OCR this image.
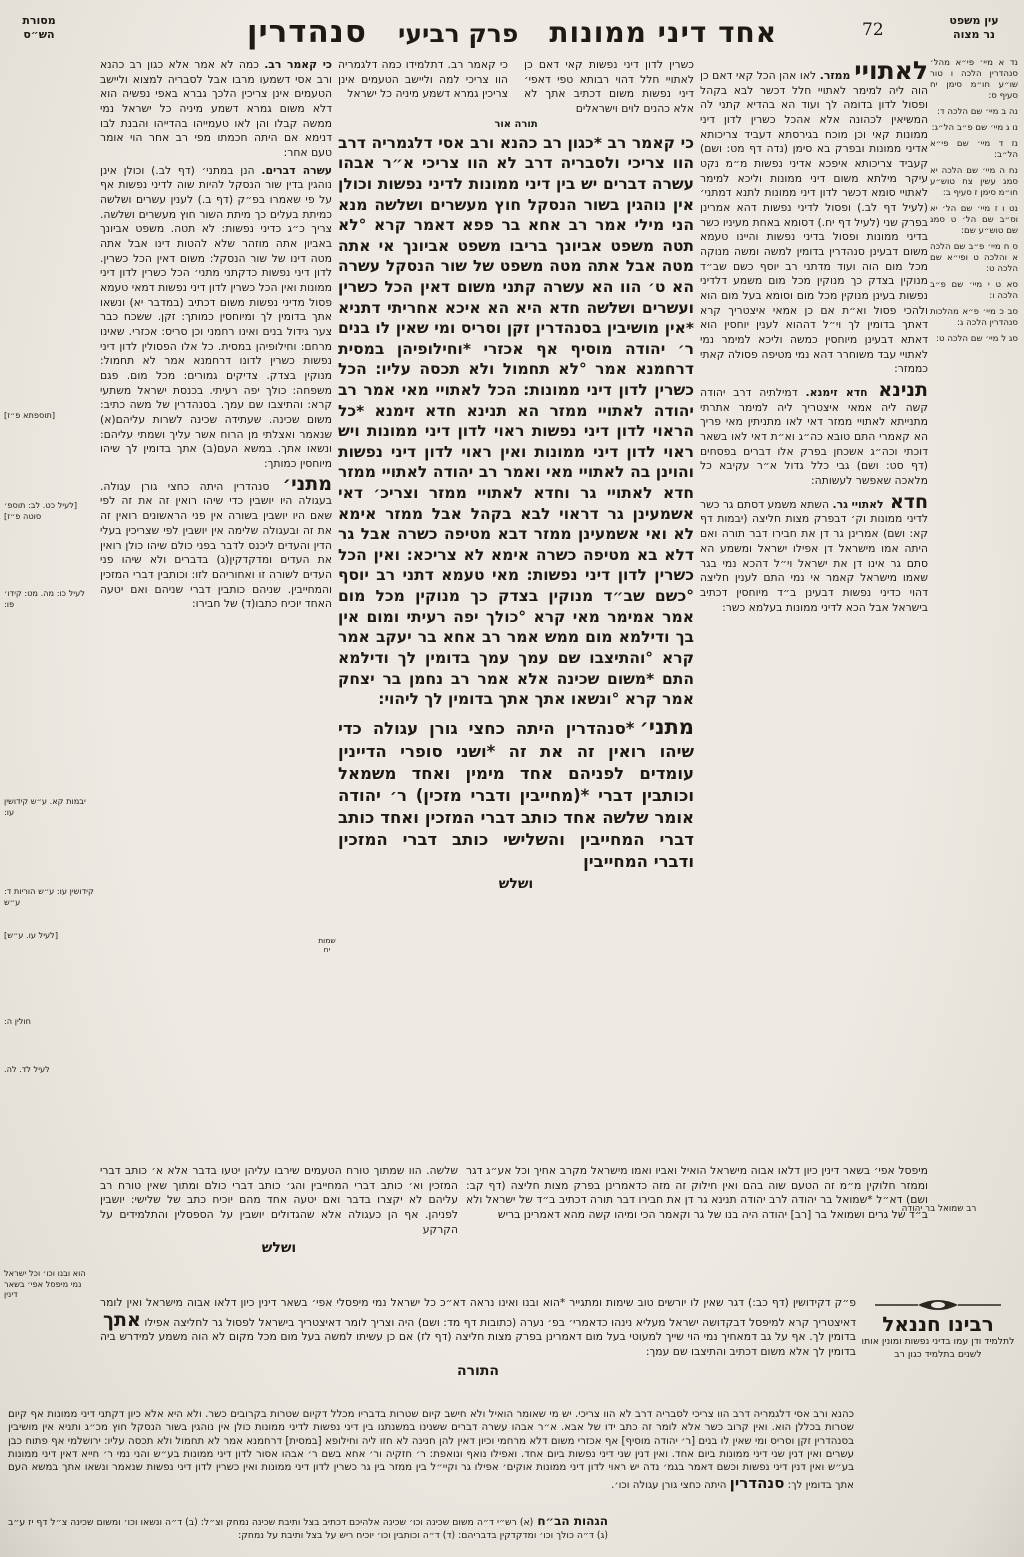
עין משפט
נר מצוה
72
אחד דיני ממונות פרק רביעי סנהדרין
מסורת
הש״ס
נד א מיי׳ פי״א מהל׳ סנהדרין הלכה ו טור שו״ע חו״מ סימן יח סעיף ס:
נה ב מיי׳ שם הלכה ד:
נו ג מיי׳ שם פ״ב הל״ג:
נז ד מיי׳ שם פי״א הל״ב:
נח ה מיי׳ שם הלכה יא סמג עשין צח טוש״ע חו״מ סימן ז סעיף ב:
נט ו ז מיי׳ שם הל׳ יא וס״ב שם הל׳ ט סמג שם טוש״ע שם:
ס ח מיי׳ פ״ב שם הלכה א והלכה ט ופי״א שם הלכה ט:
סא ט י מיי׳ שם פ״ב הלכה ו:
סב כ מיי׳ פ״א מהלכות סנהדרין הלכה ג:
סג ל מיי׳ שם הלכה ט:

לאתוייממזר. לאו אהן הכל קאי דאם כן הוה ליה למימר לאתויי חלל דכשר לבא בקהל ופסול לדון בדומה לך ועוד הא בהדיא קתני לה המשיאין לכהונה אלא אהכל כשרין לדון דיני ממונות קאי וכן מוכח בגירסתא דעביד צריכותא אדיני ממונות ובפרק בא סימן (נדה דף מט: ושם) קעביד צריכותא איפכא אדיני נפשות מ״מ נקט עיקר מילתא משום דיני ממונות וליכא למימר לאתויי סומא דכשר לדון דיני ממונות לתנא דמתני׳ (לעיל דף לב.) ופסול לדיני נפשות דהא אמרינן בפרק שני (לעיל דף יח.) דסומא באחת מעיניו כשר בדיני ממונות ופסול בדיני נפשות והיינו טעמא משום דבעינן סנהדרין בדומין למשה ומשה מנוקה מכל מום הוה ועוד מדתני רב יוסף כשם שב״ד מנוקין בצדק כך מנוקין מכל מום משמע דלדיני נפשות בעינן מנוקין מכל מום וסומא בעל מום הוא ולהכי פסול וא״ת אם כן אמאי איצטריך קרא דאתך בדומין לך וי״ל דההוא לענין יוחסין הוא דאתא דבעינן מיוחסין כמשה וליכא למימר נמי לאתויי עבד משוחרר דהא נמי מטיפה פסולה קאתי כממזר:

תנינא חדא זימנא. דמילתיה דרב יהודה קשה ליה אמאי איצטריך ליה למימר אתרתי מתנייתא לאתויי ממזר דאי לאו מתניתין מאי פריך הא קאמרי התם טובא כה״ג וא״ת דאי לאו בשאר דוכתי וכה״ג אשכחן בפרק אלו דברים בפסחים (דף סט: ושם) גבי כלל גדול א״ר עקיבא כל מלאכה שאפשר לעשותה:

חדא לאתויי גר. השתא משמע דסתם גר כשר לדיני ממונות וק׳ דבפרק מצות חליצה (יבמות דף קא: ושם) אמרינן גר דן את חבירו דבר תורה ואם היתה אמו מישראל דן אפילו ישראל ומשמע הא סתם גר אינו דן את ישראל וי״ל דהכא נמי בגר שאמו מישראל קאמר אי נמי התם לענין חליצה דהוי כדיני נפשות דבעינן ב״ד מיוחסין דכתיב בישראל אבל הכא לדיני ממונות בעלמא כשר:

כשרין לדון דיני נפשות קאי דאם כן לאתויי חלל דהוי רבותא טפי דאפי׳ דיני נפשות משום דכתיב אתך לא אלא כהנים לוים וישראלים
כי קאמר רב. דתלמידו כמה דלגמריה הוו צריכי למה וליישב הטעמים אינן צריכין גמרא דשמע מיניה כל ישראל
תורה אור
כי קאמר רב *כגון רב כהנא ורב אסי דלגמריה דרב הוו צריכי ולסבריה דרב לא הוו צריכי א״ר אבהו עשרה דברים יש בין דיני ממונות לדיני נפשות וכולן אין נוהגין בשור הנסקל חוץ מעשרים ושלשה מנא הני מילי אמר רב אחא בר פפא דאמר קרא °לא תטה משפט אביונך בריבו משפט אביונך אי אתה מטה אבל אתה מטה משפט של שור הנסקל עשרה הא ט׳ הוו הא עשרה קתני משום דאין הכל כשרין ועשרים ושלשה חדא היא הא איכא אחריתי דתניא *אין מושיבין בסנהדרין זקן וסריס ומי שאין לו בנים ר׳ יהודה מוסיף אף אכזרי *וחילופיהן במסית דרחמנא אמר °לא תחמול ולא תכסה עליו: הכל כשרין לדון דיני ממונות: הכל לאתויי מאי אמר רב יהודה לאתויי ממזר הא תנינא חדא זימנא *כל הראוי לדון דיני נפשות ראוי לדון דיני ממונות ויש ראוי לדון דיני ממונות ואין ראוי לדון דיני נפשות והוינן בה לאתויי מאי ואמר רב יהודה לאתויי ממזר חדא לאתויי גר וחדא לאתויי ממזר וצריכ׳ דאי אשמעינן גר דראוי לבא בקהל אבל ממזר אימא לא ואי אשמעינן ממזר דבא מטיפה כשרה אבל גר דלא בא מטיפה כשרה אימא לא צריכא: ואין הכל כשרין לדון דיני נפשות: מאי טעמא דתני רב יוסף °כשם שב״ד מנוקין בצדק כך מנוקין מכל מום אמר אמימר מאי קרא °כולך יפה רעיתי ומום אין בך ודילמא מום ממש אמר רב אחא בר יעקב אמר קרא °והתיצבו שם עמך עמך בדומין לך ודילמא התם *משום שכינה אלא אמר רב נחמן בר יצחק אמר קרא °ונשאו אתך אתך בדומין לך ליהוי:
מתני׳*סנהדרין היתה כחצי גורן עגולה כדי שיהו רואין זה את זה *ושני סופרי הדיינין עומדים לפניהם אחד מימין ואחד משמאל וכותבין דברי *(מחייבין ודברי מזכין) ר׳ יהודה אומר שלשה אחד כותב דברי המזכין ואחד כותב דברי המחייבין והשלישי כותב דברי המזכין ודברי המחייבין
ושלש

כי קאמר רב. כמה לא אמר אלא כגון רב כהנא ורב אסי דשמעו מרבו אבל לסבריה למצוא וליישב הטעמים אינן צריכין הלכך גברא באפי נפשיה הוא דלא משום גמרא דשמע מיניה כל ישראל נמי ממשה קבלו והן לאו טעמייהו בהדייהו והבנת לבו דנימא אם היתה חכמתו מפי רב אחר הוי אומר טעם אחר:

עשרה דברים. הנן במתני׳ (דף לב.) וכולן אינן נוהגין בדין שור הנסקל להיות שוה לדיני נפשות אף על פי שאמרו בפ״ק (דף ב.) לענין עשרים ושלשה כמיתת בעלים כך מיתת השור חוץ מעשרים ושלשה. צריך כ״ג כדיני נפשות: לא תטה. משפט אביונך באביון אתה מוזהר שלא להטות דינו אבל אתה מטה דינו של שור הנסקל: משום דאין הכל כשרין. לדון דיני נפשות כדקתני מתני׳ הכל כשרין לדון דיני ממונות ואין הכל כשרין לדון דיני נפשות דמאי טעמא פסול מדיני נפשות משום דכתיב (במדבר יא) ונשאו אתך בדומין לך ומיוחסין כמותך: זקן. ששכח כבר צער גידול בנים ואינו רחמני וכן סריס: אכזרי. שאינו מרחם: וחילופיהן במסית. כל אלו הפסולין לדון דיני נפשות כשרין לדונו דרחמנא אמר לא תחמול: מנוקין בצדק. צדיקים גמורים: מכל מום. פגם משפחה: כולך יפה רעיתי. בכנסת ישראל משתעי קרא: והתיצבו שם עמך. בסנהדרין של משה כתיב: משום שכינה. שעתידה שכינה לשרות עליהם(א) שנאמר ואצלתי מן הרוח אשר עליך ושמתי עליהם: ונשאו אתך. במשא העם(ב) אתך בדומין לך שיהו מיוחסין כמותך:

מתני׳ סנהדרין היתה כחצי גורן עגולה. בעגולה היו יושבין כדי שיהו רואין זה את זה לפי שאם היו יושבין בשורה אין פני הראשונים רואין זה את זה ובעגולה שלימה אין יושבין לפי שצריכין בעלי הדין והעדים ליכנס לדבר בפני כולם שיהו כולן רואין את העדים ומדקדקין(ג) בדברים ולא שיהו פני העדים לשורה זו ואחוריהם לזו: וכותבין דברי המזכין והמחייבין. שניהם כותבין דברי שניהם ואם יטעה האחד יוכיח כתבו(ד) של חבירו:

[תוספתא פ״ז]
[לעיל כט. לב: תוספ׳ סוטה פ״ז]
לעיל כו: מה. מט: קידו׳ פו:
יבמות קא. ע״ש קידושין עו:
קידושין עו: ע״ש הוריות ד: ע״ש
[לעיל עו. ע״ש]
חולין ה:
לעיל לד. לה.
הוא ובנו וכו׳ וכל ישראל נמי מיפסל אפי׳ בשאר דינין
שמות יח
רב שמואל בר יהודה
שלשה. הוו שמתוך טורח הטעמים שירבו עליהן יטעו בדבר אלא א׳ כותב דברי המזכין וא׳ כותב דברי המחייבין והג׳ כותב דברי כולם ומתוך שאין טורח רב עליהם לא יקצרו בדבר ואם יטעה אחד מהם יוכיח כתב של שלישי: יושבין לפניהן. אף הן כעגולה אלא שהגדולים יושבין על הספסלין והתלמידים על הקרקע
ושלש
מיפסל אפי׳ בשאר דינין כיון דלאו אבוה מישראל הואיל ואביו ואמו מישראל מקרב אחיך וכל אע״ג דגר וממזר חלוקין מ״מ זה הטעם שוה בהם ואין חילוק זה מזה כדאמרינן בפרק מצות חליצה (דף קב: ושם) דא״ל *שמואל בר יהודה לרב יהודה תנינא גר דן את חבירו דבר תורה דכתיב ב״ד של ישראל ולא ב״ד של גרים ושמואל בר [רב] יהודה היה בנו של גר וקאמר הכי ומיהו קשה מהא דאמרינן בריש
פ״ק דקידושין (דף כב:) דגר שאין לו יורשים טוב שימות ומתגייר *הוא ובנו ואינו נראה דא״כ כל ישראל נמי מיפסלי אפי׳ בשאר דינין כיון דלאו אבוה מישראל ואין לומר דאיצטריך קרא למיפסל דבקדושה ישראל מעליא נינהו כדאמרי׳ בפ׳ נערה (כתובות דף מד: ושם) היה וצריך לומר דאיצטריך בישראל לפסול גר לחליצה אפילו אתך בדומין לך. אף על גב דמאחיך נמי הוי שייך למעוטי בעל מום דאמרינן בפרק מצות חליצה (דף לז) אם כן עשיתו למשה בעל מום מכל מקום לא הוה משמע למידרש ביה בדומין לך אלא משום דכתיב והתיצבו שם עמך:
התורה
רבינו חננאל
לתלמיד ודן עמו בדיני נפשות ומונין אותו לשנים בתלמיד כגון רב
כהנא ורב אסי דלגמריה דרב הוו צריכי לסבריה דרב לא הוו צריכי. יש מי שאומר הואיל ולא חישב קיום שטרות בדבריו מכלל דקיום שטרות בקרובים כשר. ולא היא אלא כיון דקתני דיני ממונות אף קיום שטרות בכללן הוא. ואין קרוב כשר אלא לומר זה כתב ידו של אבא. א״ר אבהו עשרה דברים ששנינו במשנתנו בין דיני נפשות לדיני ממונות כולן אין נוהגין בשור הנסקל חוץ מכ״ג ותניא אין מושיבין בסנהדרין זקן וסריס ומי שאין לו בנים [ר׳ יהודה מוסיף] אף אכזרי משום דלא מרחמי וכיון דאין להן חנינה לא חזו ליה וחילופא [במסית] דרחמנא אמר לא תחמול ולא תכסה עליו: ירושלמי אף פתוח כבן עשרים ואין דנין שני דיני ממונות ביום אחד. ואין דנין שני דיני נפשות ביום אחד. ואפילו נואף ונואפת: ר׳ חזקיה ור׳ אחא בשם ר׳ אבהו אסור לדון דיני ממונות בע״ש והני נמי ר׳ חייא דאין דיני ממונות בע״ש ואין דנין דיני נפשות וכשם דאמר בגמ׳ נדה יש ראוי לדון דיני ממונות אוקים׳ אפילו גר וקיי״ל בין ממזר בין גר כשרין לדון דיני ממונות ואין כשרין לדון דיני נפשות שנאמר ונשאו אתך במשא העם אתך בדומין לך: סנהדרין היתה כחצי גורן עגולה וכו׳.
הגהות הב״ח(א) רש״י ד״ה משום שכינה וכו׳ שכינה אלהיכם דכתיב בצל ותיבת שכינה נמחק וצ״ל: (ב) ד״ה ונשאו וכו׳ ומשום שכינה צ״ל דף יז ע״ב (ג) ד״ה כולך וכו׳ ומדקדקין בדבריהם: (ד) ד״ה וכותבין וכו׳ יוכיח ריש על בצל ותיבת על נמחק:
